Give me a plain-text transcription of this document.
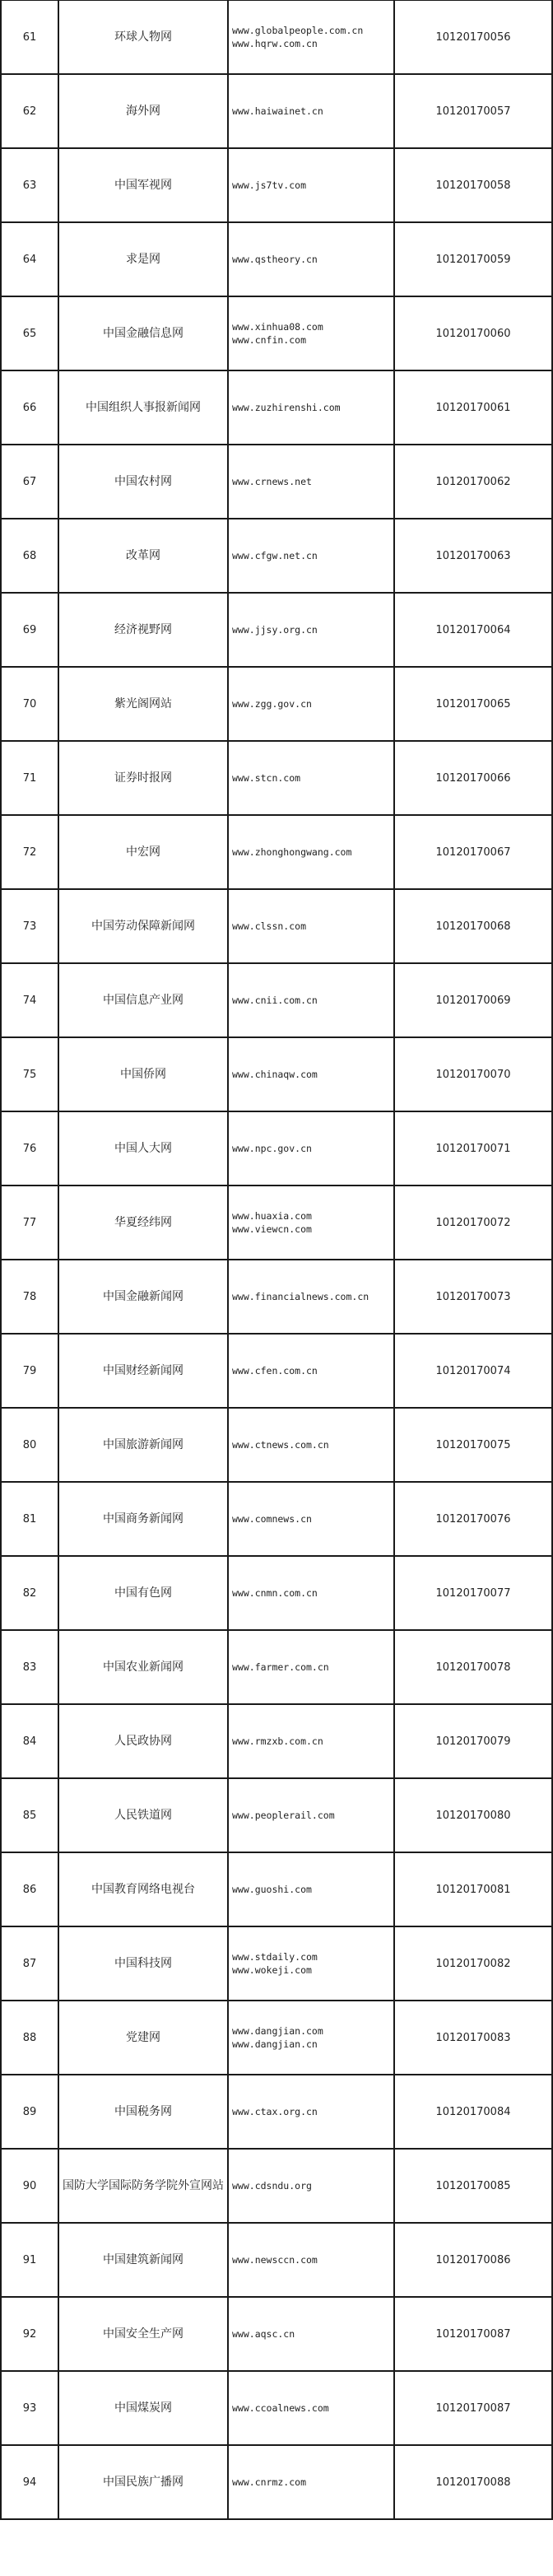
61	环球人物网	www.globalpeople.com.cn
www.hqrw.com.cn	10120170056
62	海外网	www.haiwainet.cn	10120170057
63	中国军视网	www.js7tv.com	10120170058
64	求是网	www.qstheory.cn	10120170059
65	中国金融信息网	www.xinhua08.com
www.cnfin.com	10120170060
66	中国组织人事报新闻网	www.zuzhirenshi.com	10120170061
67	中国农村网	www.crnews.net	10120170062
68	改革网	www.cfgw.net.cn	10120170063
69	经济视野网	www.jjsy.org.cn	10120170064
70	紫光阁网站	www.zgg.gov.cn	10120170065
71	证券时报网	www.stcn.com	10120170066
72	中宏网	www.zhonghongwang.com	10120170067
73	中国劳动保障新闻网	www.clssn.com	10120170068
74	中国信息产业网	www.cnii.com.cn	10120170069
75	中国侨网	www.chinaqw.com	10120170070
76	中国人大网	www.npc.gov.cn	10120170071
77	华夏经纬网	www.huaxia.com
www.viewcn.com	10120170072
78	中国金融新闻网	www.financialnews.com.cn	10120170073
79	中国财经新闻网	www.cfen.com.cn	10120170074
80	中国旅游新闻网	www.ctnews.com.cn	10120170075
81	中国商务新闻网	www.comnews.cn	10120170076
82	中国有色网	www.cnmn.com.cn	10120170077
83	中国农业新闻网	www.farmer.com.cn	10120170078
84	人民政协网	www.rmzxb.com.cn	10120170079
85	人民铁道网	www.peoplerail.com	10120170080
86	中国教育网络电视台	www.guoshi.com	10120170081
87	中国科技网	www.stdaily.com
www.wokeji.com	10120170082
88	党建网	www.dangjian.com
www.dangjian.cn	10120170083
89	中国税务网	www.ctax.org.cn	10120170084
90	国防大学国际防务学院外宣网站	www.cdsndu.org	10120170085
91	中国建筑新闻网	www.newsccn.com	10120170086
92	中国安全生产网	www.aqsc.cn	10120170087
93	中国煤炭网	www.ccoalnews.com	10120170087
94	中国民族广播网	www.cnrmz.com	10120170088
